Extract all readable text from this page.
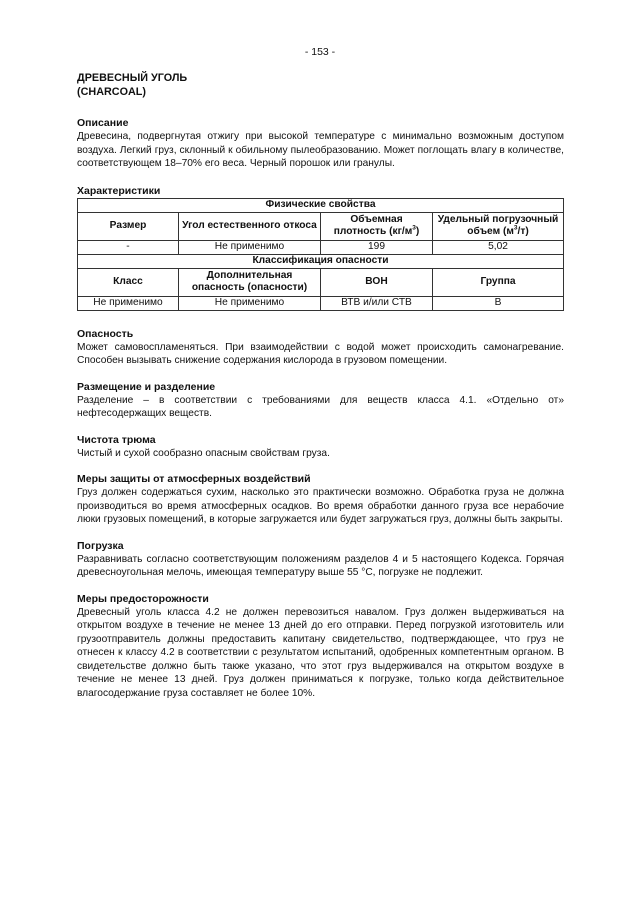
- 153 -
ДРЕВЕСНЫЙ УГОЛЬ
(CHARCOAL)

Описание

Древесина, подвергнутая отжигу при высокой температуре с минимально возможным доступом воздуха. Легкий груз, склонный к обильному пылеобразованию. Может поглощать влагу в количестве, соответствующем 18–70% его веса. Черный порошок или гранулы.

Характеристики

Физические свойства			
Размер	Угол естественного откоса	Объемная плотность $(кг/м^3)$	Удельный погрузочный объем $(м^3/т)$
-	Не применимо	199	5,02
Классификация опасности			
Класс	Дополнительная опасность (опасности)	ВОН	Группа
Не применимо	Не применимо	ВТВ и/или СТВ	B

Опасность

Может самовоспламеняться. При взаимодействии с водой может происходить самонагревание. Способен вызывать снижение содержания кислорода в грузовом помещении.

Размещение и разделение

Разделение – в соответствии с требованиями для веществ класса 4.1. «Отдельно от» нефтесодержащих веществ.

Чистота трюма

Чистый и сухой сообразно опасным свойствам груза.

Меры защиты от атмосферных воздействий

Груз должен содержаться сухим, насколько это практически возможно. Обработка груза не должна производиться во время атмосферных осадков. Во время обработки данного груза все нерабочие люки грузовых помещений, в которые загружается или будет загружаться груз, должны быть закрыты.

Погрузка

Разравнивать согласно соответствующим положениям разделов 4 и 5 настоящего Кодекса. Горячая древесноугольная мелочь, имеющая температуру выше 55 °С, погрузке не подлежит.

Меры предосторожности

Древесный уголь класса 4.2 не должен перевозиться навалом. Груз должен выдерживаться на открытом воздухе в течение не менее 13 дней до его отправки. Перед погрузкой изготовитель или грузоотправитель должны предоставить капитану свидетельство, подтверждающее, что груз не отнесен к классу 4.2 в соответствии с результатом испытаний, одобренных компетентным органом. В свидетельстве должно быть также указано, что этот груз выдерживался на открытом воздухе в течение не менее 13 дней. Груз должен приниматься к погрузке, только когда действительное влагосодержание груза составляет не более 10%.
